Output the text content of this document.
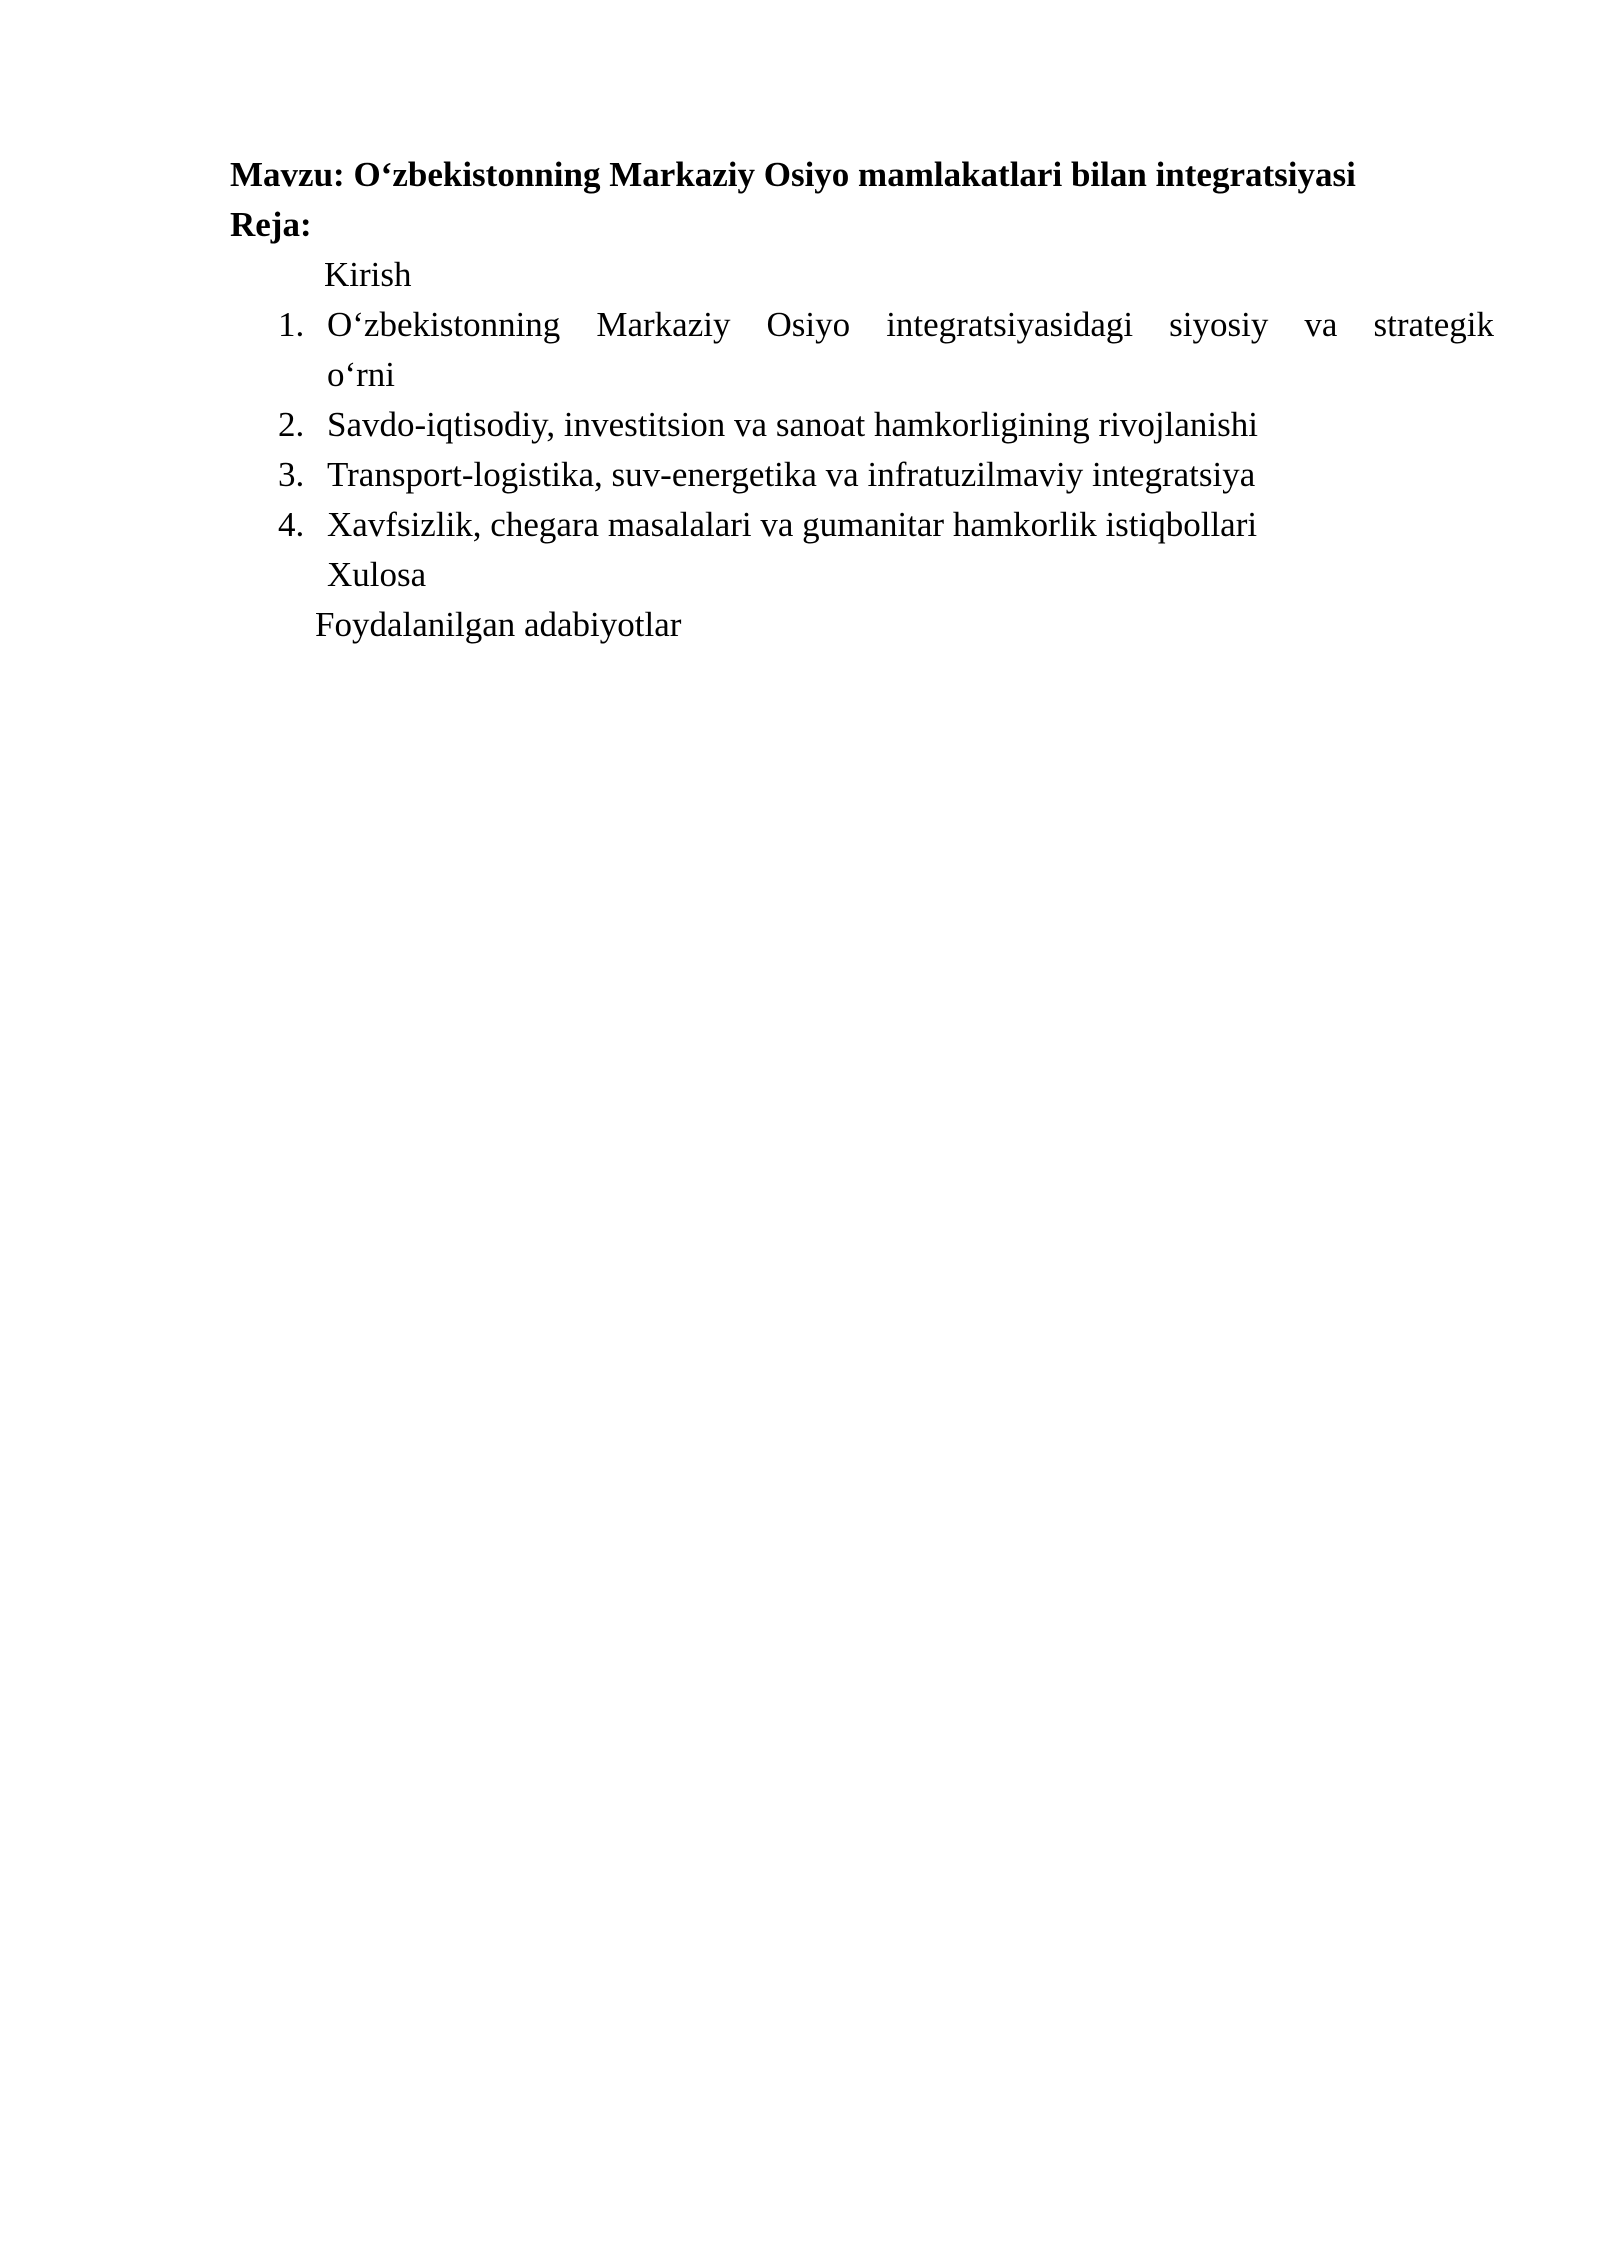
Mavzu: O‘zbekistonning Markaziy Osiyo mamlakatlari bilan integratsiyasi
Reja:
Kirish
1. O‘zbekistonning Markaziy Osiyo integratsiyasidagi siyosiy va strategik
o‘rni
2. Savdo-iqtisodiy, investitsion va sanoat hamkorligining rivojlanishi
3. Transport-logistika, suv-energetika va infratuzilmaviy integratsiya
4. Xavfsizlik, chegara masalalari va gumanitar hamkorlik istiqbollari
Xulosa
Foydalanilgan adabiyotlar
